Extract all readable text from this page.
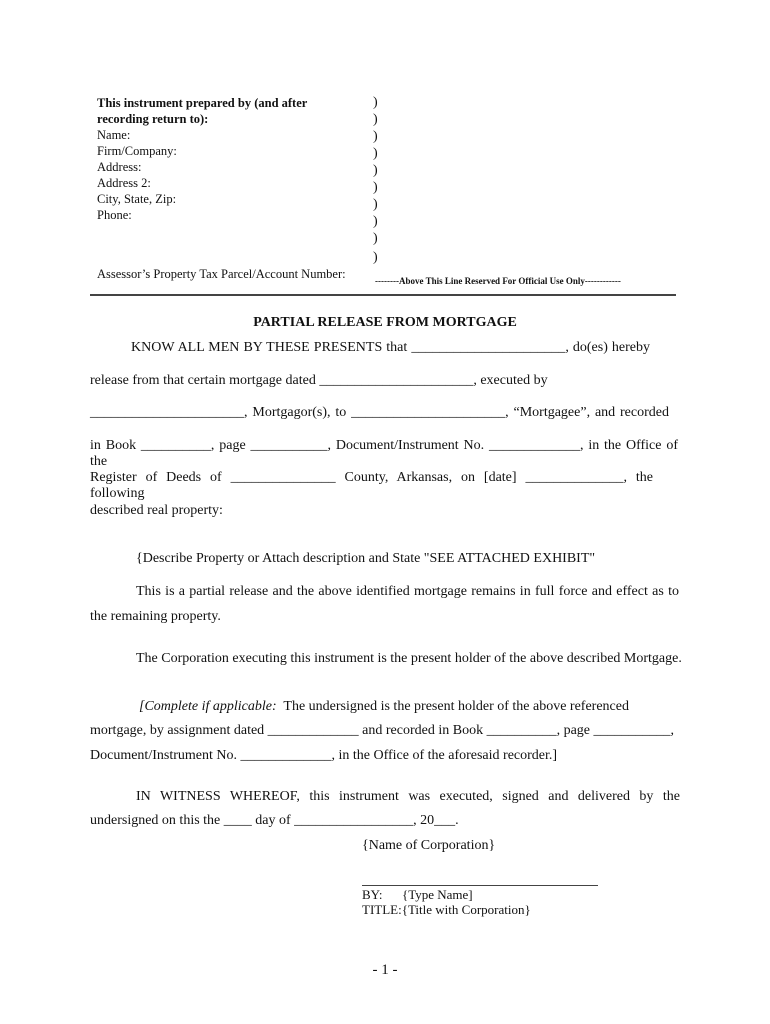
This instrument prepared by (and after
recording return to):
Name:
Firm/Company:
Address:
Address 2:
City, State, Zip:
Phone:
Assessor’s Property Tax Parcel/Account Number:
)
)
)
)
)
)
)
)
)
)
--------Above This Line Reserved For Official Use Only------------
PARTIAL RELEASE FROM MORTGAGE
KNOW ALL MEN BY THESE PRESENTS that ______________________, do(es) hereby
release from that certain mortgage dated ______________________, executed by
______________________, Mortgagor(s), to ______________________, “Mortgagee”, and recorded
in Book __________, page ___________, Document/Instrument No. _____________, in the Office of the
Register of Deeds of _______________ County, Arkansas, on [date] ______________, the following
described real property:
{Describe Property or Attach description and State "SEE ATTACHED EXHIBIT"
This is a partial release and the above identified mortgage remains in full force and effect as to
the remaining property.
The Corporation executing this instrument is the present holder of the above described Mortgage.
[Complete if applicable:  The undersigned is the present holder of the above referenced
mortgage, by assignment dated _____________ and recorded in Book __________, page ___________,
Document/Instrument No. _____________, in the Office of the aforesaid recorder.]
IN WITNESS WHEREOF, this instrument was executed, signed and delivered by the
undersigned on this the ____ day of _________________, 20___.
{Name of Corporation}
BY:      {Type Name]
TITLE:{Title with Corporation}
- 1 -
